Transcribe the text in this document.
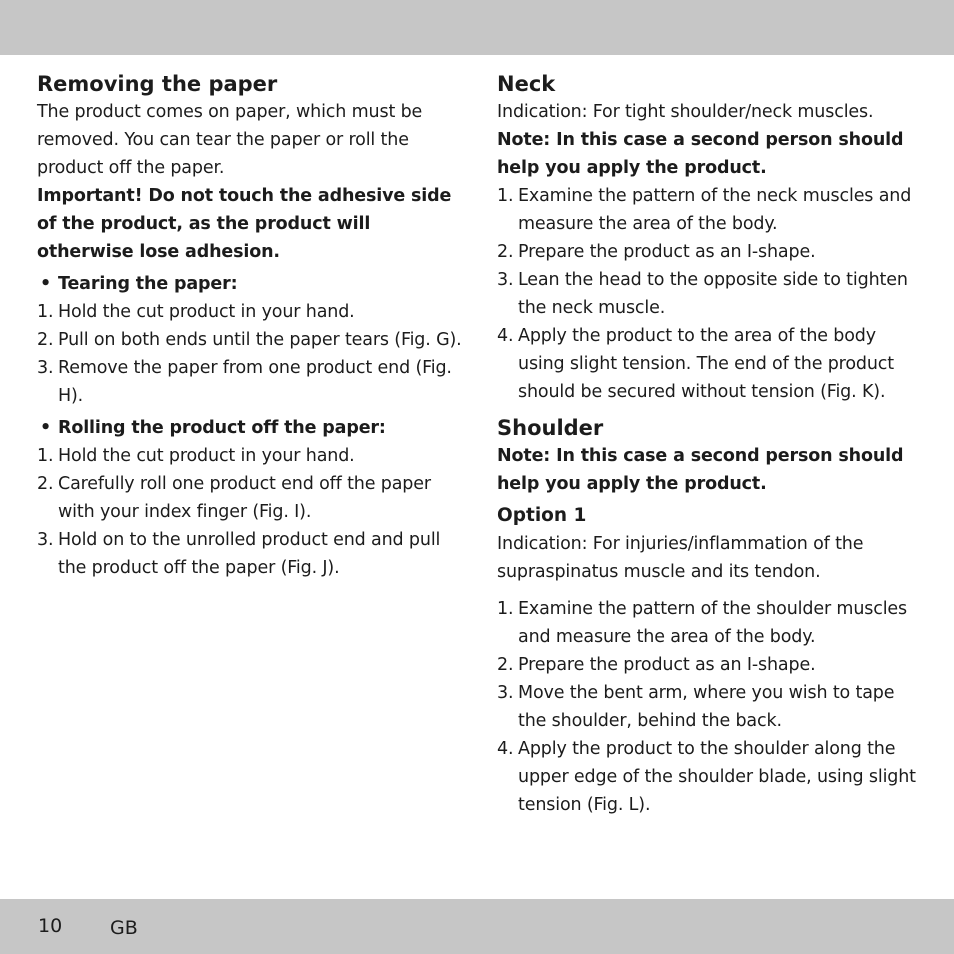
Removing the paper

The product comes on paper, which must be removed. You can tear the paper or roll the product off the paper.

Important! Do not touch the adhesive side of the product, as the product will otherwise lose adhesion.

• Tearing the paper:

1. Hold the cut product in your hand.
2. Pull on both ends until the paper tears (Fig. G).
3. Remove the paper from one product end (Fig. H).

• Rolling the product off the paper:

1. Hold the cut product in your hand.
2. Carefully roll one product end off the paper with your index finger (Fig. I).
3. Hold on to the unrolled product end and pull the product off the paper (Fig. J).
Neck

Indication: For tight shoulder/neck muscles.

Note: In this case a second person should help you apply the product.

1. Examine the pattern of the neck muscles and measure the area of the body.
2. Prepare the product as an I-shape.
3. Lean the head to the opposite side to tighten the neck muscle.
4. Apply the product to the area of the body using slight tension. The end of the product should be secured without tension (Fig. K).
Shoulder

Note: In this case a second person should help you apply the product.

Option 1

Indication: For injuries/inflammation of the supraspinatus muscle and its tendon.

1. Examine the pattern of the shoulder muscles and measure the area of the body.
2. Prepare the product as an I-shape.
3. Move the bent arm, where you wish to tape the shoulder, behind the back.
4. Apply the product to the shoulder along the upper edge of the shoulder blade, using slight tension (Fig. L).
10	GB
